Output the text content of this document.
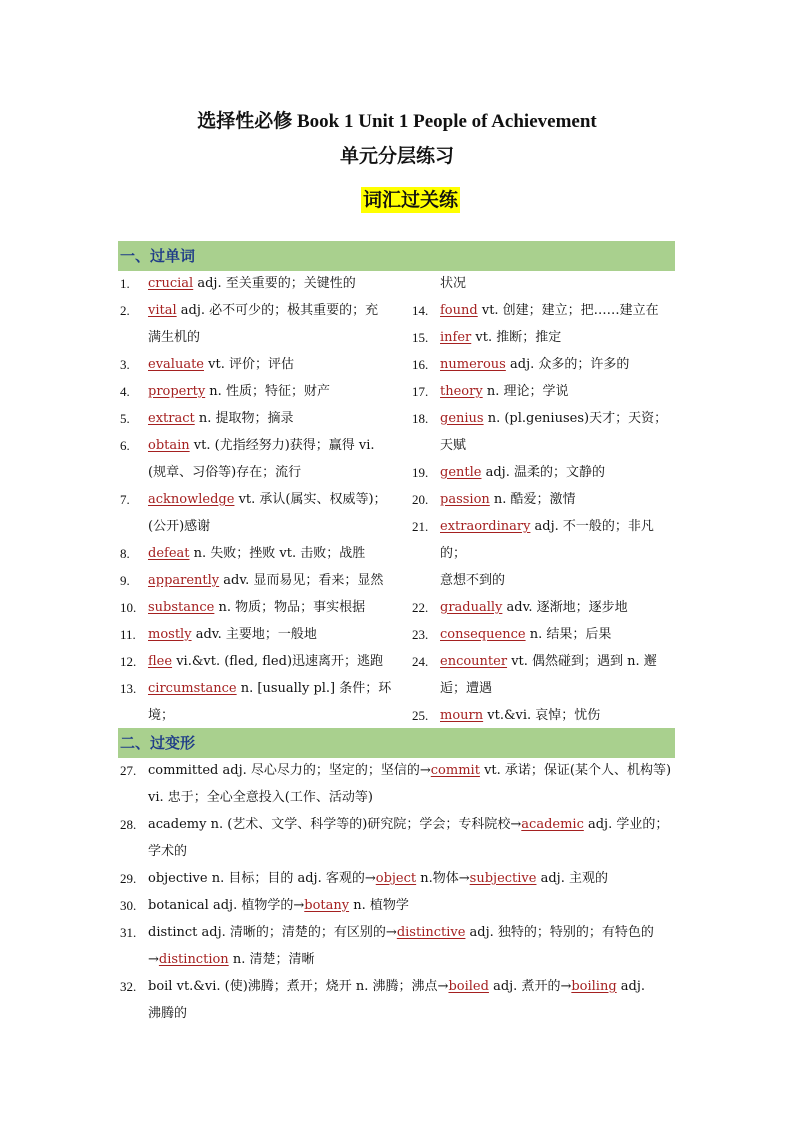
选择性必修 Book 1 Unit 1 People of Achievement
单元分层练习
词汇过关练
一、过单词
1. crucial adj. 至关重要的；关键性的
2. vital adj. 必不可少的；极其重要的；充
满生机的
3. evaluate vt. 评价；评估
4. property n. 性质；特征；财产
5. extract n. 提取物；摘录
6. obtain vt. (尤指经努力)获得；赢得 vi.
(规章、习俗等)存在；流行
7. acknowledge vt. 承认(属实、权威等)；
(公开)感谢
8. defeat n. 失败；挫败 vt. 击败；战胜
9. apparently adv. 显而易见；看来；显然
10. substance n. 物质；物品；事实根据
11. mostly adv. 主要地；一般地
12. flee vi.&vt. (fled, fled)迅速离开；逃跑
13. circumstance n. [usually pl.] 条件；环境；
状况
14. found vt. 创建；建立；把……建立在
15. infer vt. 推断；推定
16. numerous adj. 众多的；许多的
17. theory n. 理论；学说
18. genius n. (pl.geniuses)天才；天资；天赋
19. gentle adj. 温柔的；文静的
20. passion n. 酷爱；激情
21. extraordinary adj. 不一般的；非凡的；
意想不到的
22. gradually adv. 逐渐地；逐步地
23. consequence n. 结果；后果
24. encounter vt. 偶然碰到；遇到 n. 邂
逅；遭遇
25. mourn vt.&vi. 哀悼；忧伤
二、过变形
27. committed adj. 尽心尽力的；坚定的；坚信的→commit vt. 承诺；保证(某个人、机构等)
vi. 忠于；全心全意投入(工作、活动等)
28. academy n. (艺术、文学、科学等的)研究院；学会；专科院校→academic adj. 学业的；
学术的
29. objective n. 目标；目的 adj. 客观的→object n.物体→subjective adj. 主观的
30. botanical adj. 植物学的→botany n. 植物学
31. distinct adj. 清晰的；清楚的；有区别的→distinctive adj. 独特的；特别的；有特色的
→distinction n. 清楚；清晰
32. boil vt.&vi. (使)沸腾；煮开；烧开 n. 沸腾；沸点→boiled adj. 煮开的→boiling adj.
沸腾的
